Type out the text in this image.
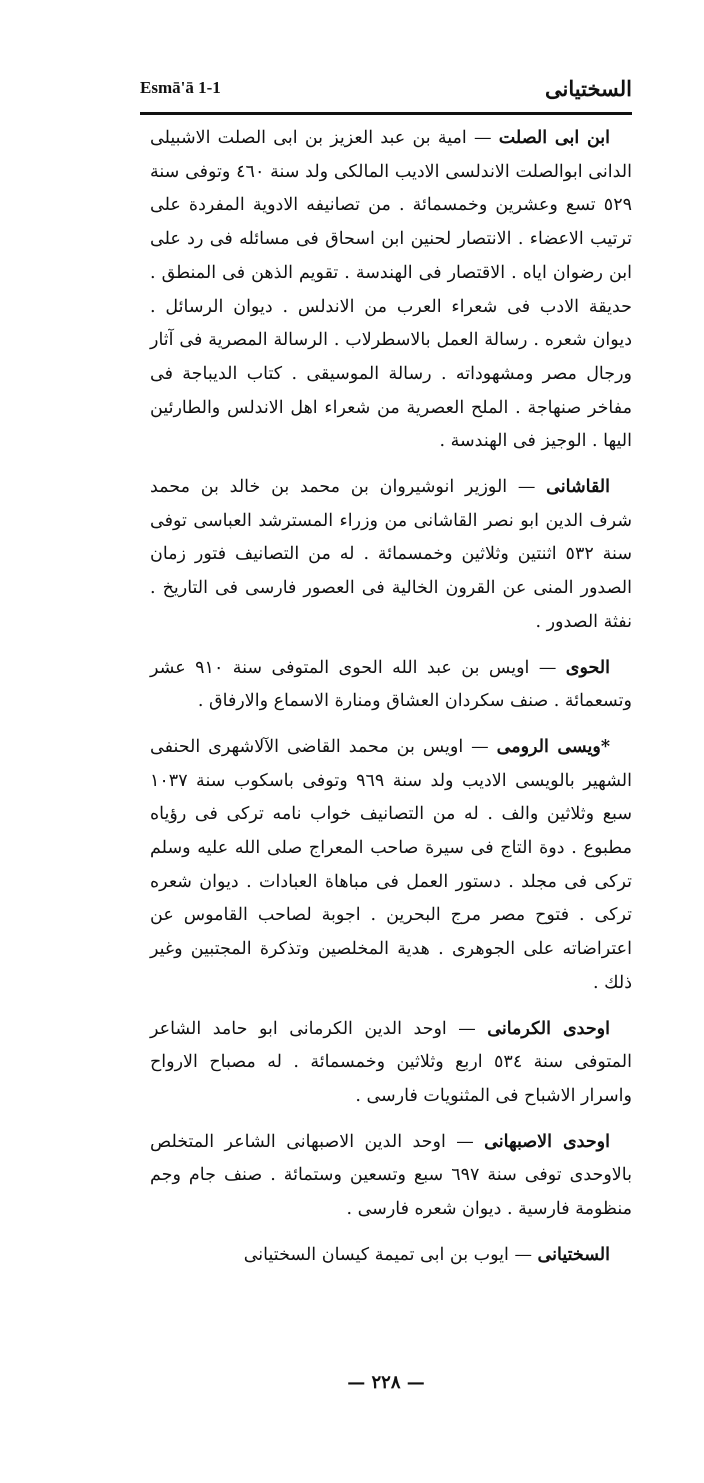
السختيانى
Esmā'ā 1-1

ابن ابى الصلت — امية بن عبد العزيز بن ابى الصلت الاشبيلى الدانى ابوالصلت الاندلسى الاديب المالكى ولد سنة ٤٦٠ وتوفى سنة ٥٢٩ تسع وعشرين وخمسمائة . من تصانيفه الادوية المفردة على ترتيب الاعضاء . الانتصار لحنين ابن اسحاق فى مسائله فى رد على ابن رضوان اياه . الاقتصار فى الهندسة . تقويم الذهن فى المنطق . حديقة الادب فى شعراء العرب من الاندلس . ديوان الرسائل . ديوان شعره . رسالة العمل بالاسطرلاب . الرسالة المصرية فى آثار ورجال مصر ومشهوداته . رسالة الموسيقى . كتاب الديباجة فى مفاخر صنهاجة . الملح العصرية من شعراء اهل الاندلس والطارئين اليها . الوجيز فى الهندسة .

القاشانى — الوزير انوشيروان بن محمد بن خالد بن محمد شرف الدين ابو نصر القاشانى من وزراء المسترشد العباسى توفى سنة ٥٣٢ اثنتين وثلاثين وخمسمائة . له من التصانيف فتور زمان الصدور المنى عن القرون الخالية فى العصور فارسى فى التاريخ . نفثة الصدور .

الحوى — اويس بن عبد الله الحوى المتوفى سنة ٩١٠ عشر وتسعمائة . صنف سكردان العشاق ومنارة الاسماع والارفاق .

*ويسى الرومى — اويس بن محمد القاضى الآلاشهرى الحنفى الشهير بالويسى الاديب ولد سنة ٩٦٩ وتوفى باسكوب سنة ١٠٣٧ سبع وثلاثين والف . له من التصانيف خواب نامه تركى فى رؤياه مطبوع . دوة التاج فى سيرة صاحب المعراج صلى الله عليه وسلم تركى فى مجلد . دستور العمل فى مباهاة العبادات . ديوان شعره تركى . فتوح مصر مرج البحرين . اجوبة لصاحب القاموس عن اعتراضاته على الجوهرى . هدية المخلصين وتذكرة المجتبين وغير ذلك .

اوحدى الكرمانى — اوحد الدين الكرمانى ابو حامد الشاعر المتوفى سنة ٥٣٤ اربع وثلاثين وخمسمائة . له مصباح الارواح واسرار الاشباح فى المثنويات فارسى .

اوحدى الاصبهانى — اوحد الدين الاصبهانى الشاعر المتخلص بالاوحدى توفى سنة ٦٩٧ سبع وتسعين وستمائة . صنف جام وجم منظومة فارسية . ديوان شعره فارسى .

السختيانى — ايوب بن ابى تميمة كيسان السختيانى

— ٢٢٨ —
